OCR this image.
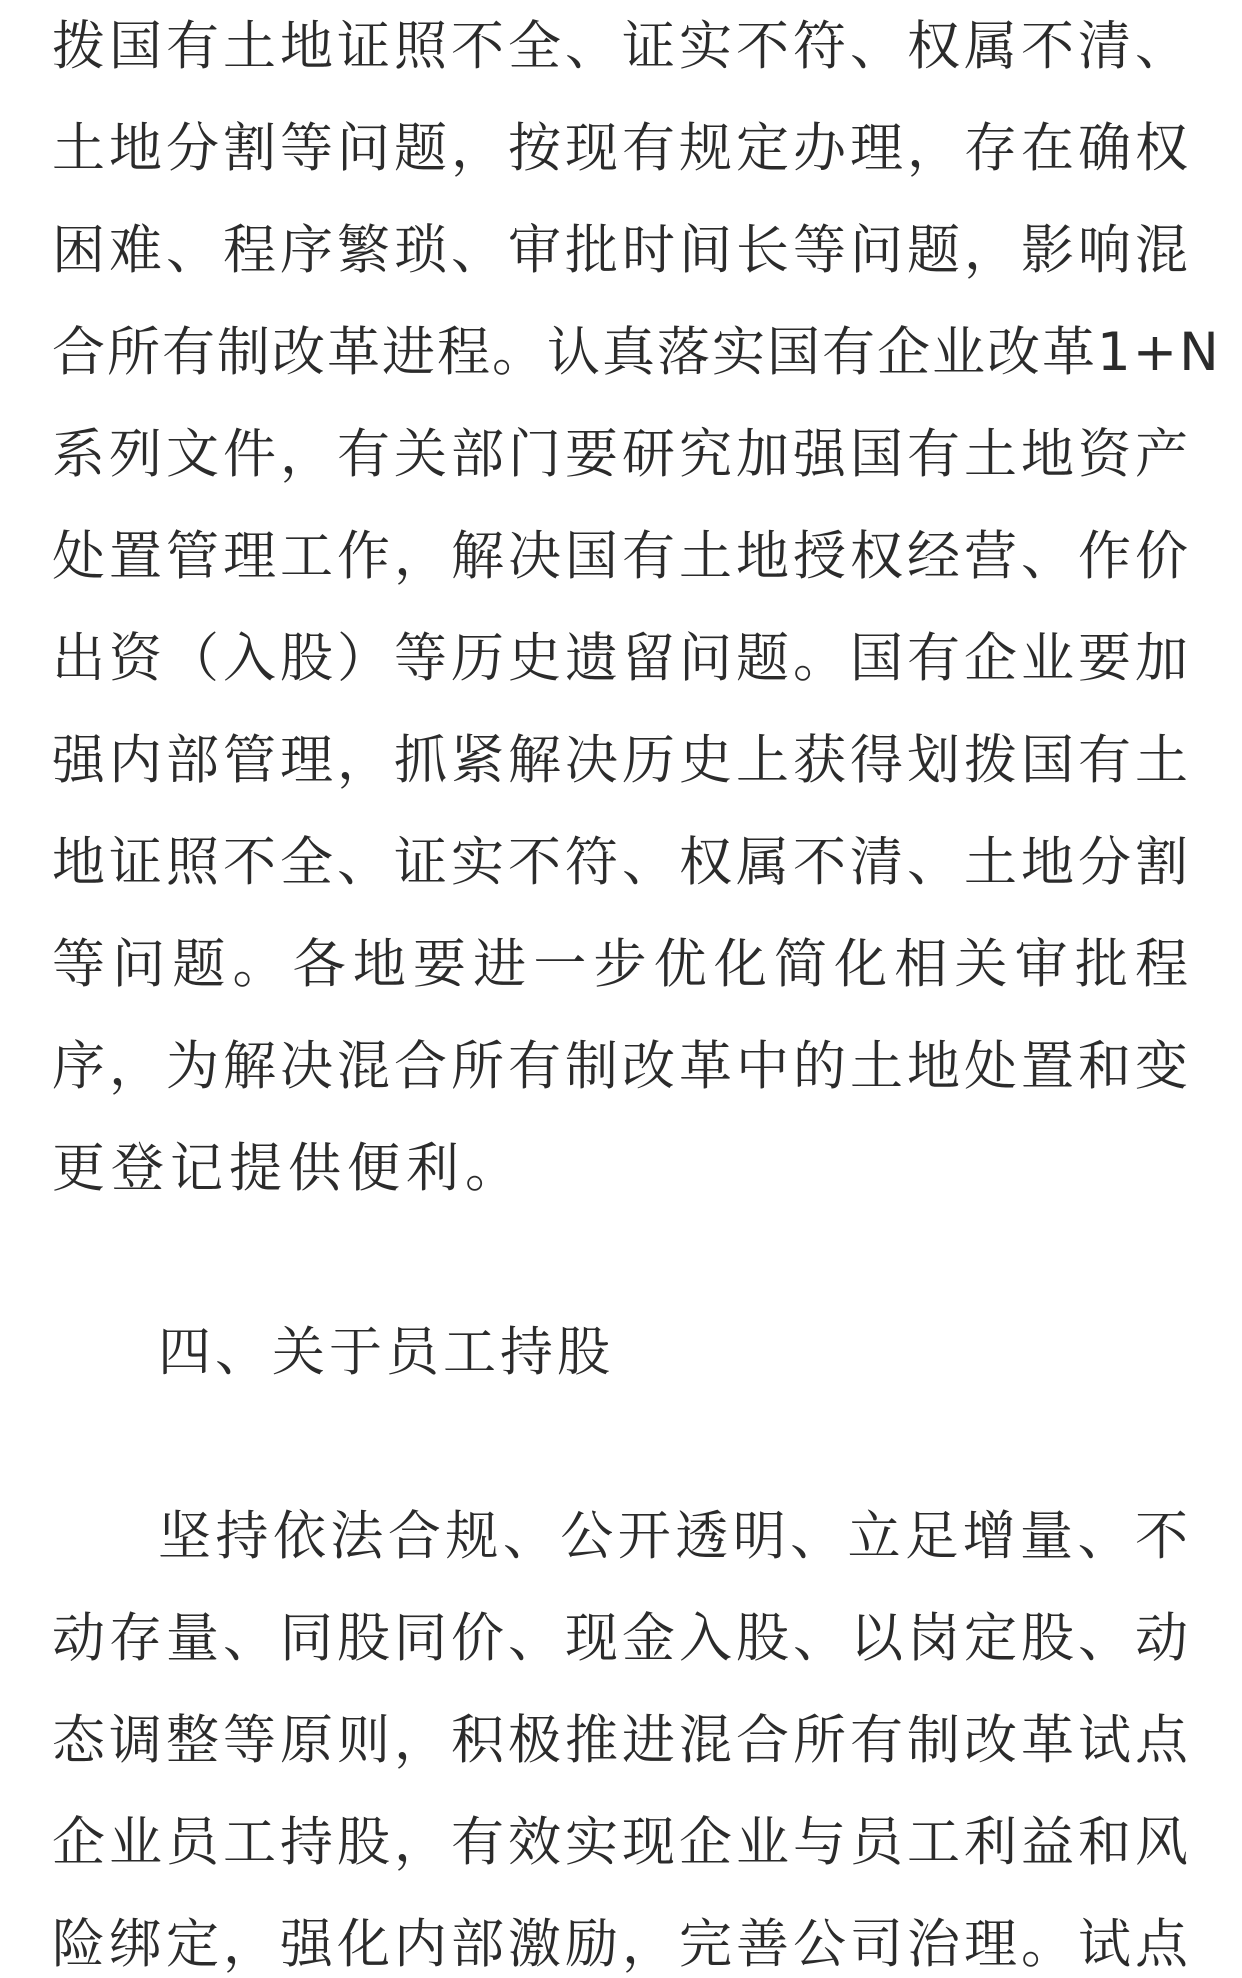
拨国有土地证照不全、证实不符、权属不清、
土地分割等问题，按现有规定办理，存在确权
困难、程序繁琐、审批时间长等问题，影响混
合所有制改革进程。认真落实国有企业改革1+N
系列文件，有关部门要研究加强国有土地资产
处置管理工作，解决国有土地授权经营、作价
出资（入股）等历史遗留问题。国有企业要加
强内部管理，抓紧解决历史上获得划拨国有土
地证照不全、证实不符、权属不清、土地分割
等问题。各地要进一步优化简化相关审批程
序，为解决混合所有制改革中的土地处置和变
更登记提供便利。
四、关于员工持股
坚持依法合规、公开透明、立足增量、不
动存量、同股同价、现金入股、以岗定股、动
态调整等原则，积极推进混合所有制改革试点
企业员工持股，有效实现企业与员工利益和风
险绑定，强化内部激励，完善公司治理。试点
